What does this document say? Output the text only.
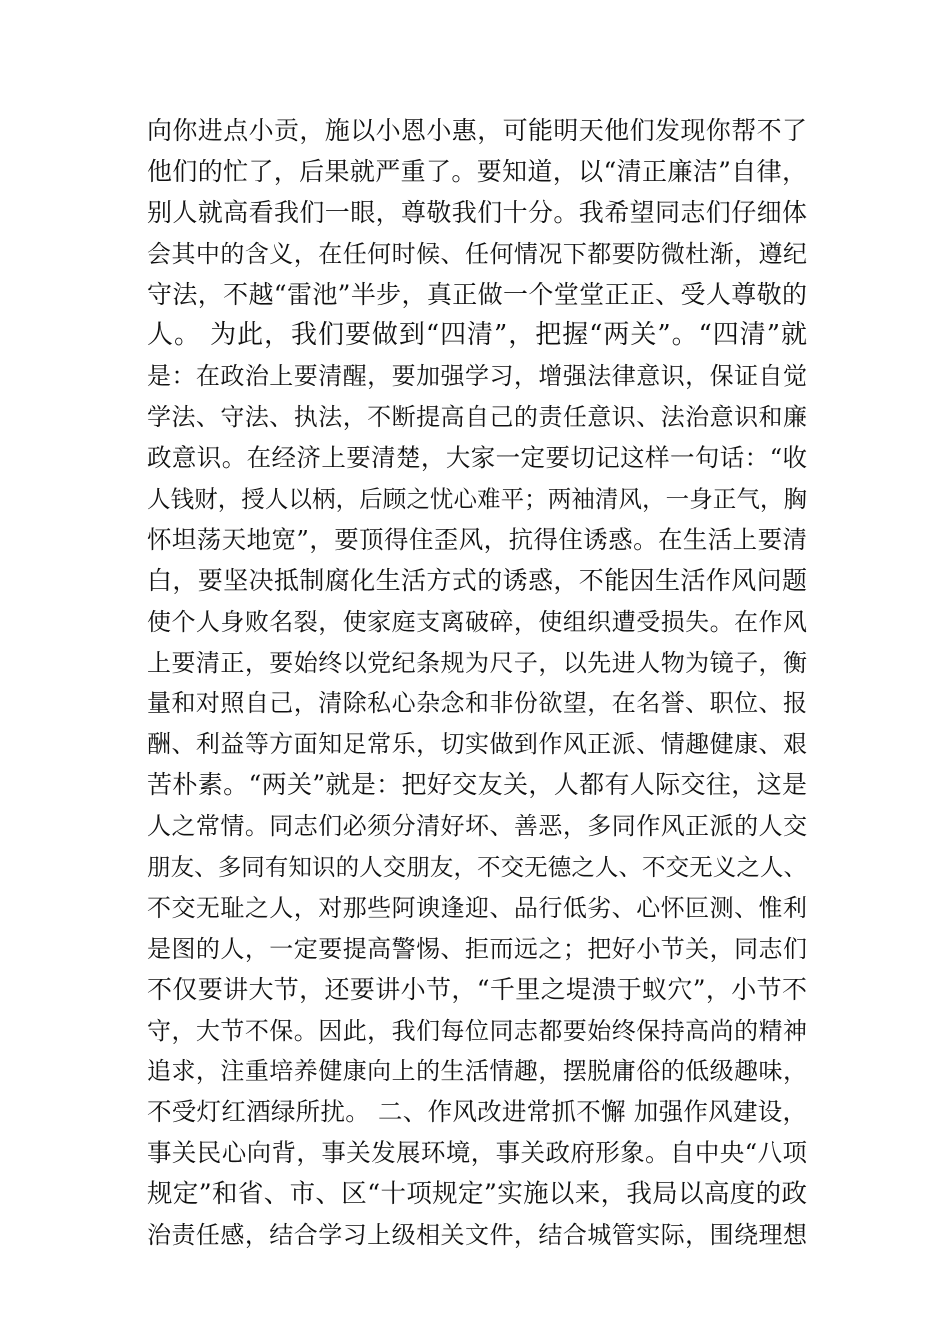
向你进点小贡，施以小恩小惠，可能明天他们发现你帮不了
他们的忙了，后果就严重了。要知道，以“清正廉洁”自律，
别人就高看我们一眼，尊敬我们十分。我希望同志们仔细体
会其中的含义，在任何时候、任何情况下都要防微杜渐，遵纪
守法，不越“雷池”半步，真正做一个堂堂正正、受人尊敬的
人。 为此，我们要做到“四清”，把握“两关”。“四清”就
是：在政治上要清醒，要加强学习，增强法律意识，保证自觉
学法、守法、执法，不断提高自己的责任意识、法治意识和廉
政意识。在经济上要清楚，大家一定要切记这样一句话：“收
人钱财，授人以柄，后顾之忧心难平；两袖清风，一身正气，胸
怀坦荡天地宽”，要顶得住歪风，抗得住诱惑。在生活上要清
白，要坚决抵制腐化生活方式的诱惑，不能因生活作风问题
使个人身败名裂，使家庭支离破碎，使组织遭受损失。在作风
上要清正，要始终以党纪条规为尺子，以先进人物为镜子，衡
量和对照自己，清除私心杂念和非份欲望，在名誉、职位、报
酬、利益等方面知足常乐，切实做到作风正派、情趣健康、艰
苦朴素。“两关”就是：把好交友关，人都有人际交往，这是
人之常情。同志们必须分清好坏、善恶，多同作风正派的人交
朋友、多同有知识的人交朋友，不交无德之人、不交无义之人、
不交无耻之人，对那些阿谀逢迎、品行低劣、心怀叵测、惟利
是图的人，一定要提高警惕、拒而远之；把好小节关，同志们
不仅要讲大节，还要讲小节，“千里之堤溃于蚁穴”，小节不
守，大节不保。因此，我们每位同志都要始终保持高尚的精神
追求，注重培养健康向上的生活情趣，摆脱庸俗的低级趣味，
不受灯红酒绿所扰。 二、作风改进常抓不懈 加强作风建设，
事关民心向背，事关发展环境，事关政府形象。自中央“八项
规定”和省、市、区“十项规定”实施以来，我局以高度的政
治责任感，结合学习上级相关文件，结合城管实际，围绕理想
